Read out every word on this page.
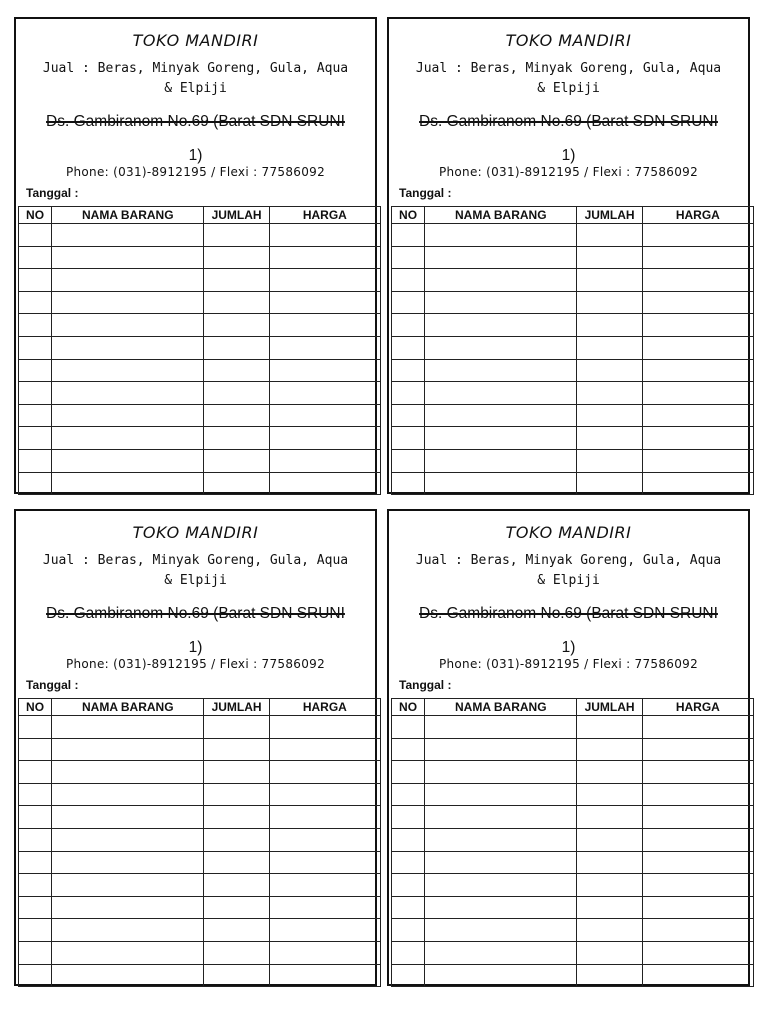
TOKO MANDIRI
Jual : Beras, Minyak Goreng, Gula, Aqua & Elpiji
Ds. Gambiranom No.69 (Barat SDN SRUNI
1)
Phone: (031)-8912195 / Flexi : 77586092
Tanggal :
NO	NAMA BARANG	JUMLAH	HARGA

TOKO MANDIRI
Jual : Beras, Minyak Goreng, Gula, Aqua & Elpiji
Ds. Gambiranom No.69 (Barat SDN SRUNI
1)
Phone: (031)-8912195 / Flexi : 77586092
Tanggal :
NO	NAMA BARANG	JUMLAH	HARGA

TOKO MANDIRI
Jual : Beras, Minyak Goreng, Gula, Aqua & Elpiji
Ds. Gambiranom No.69 (Barat SDN SRUNI
1)
Phone: (031)-8912195 / Flexi : 77586092
Tanggal :
NO	NAMA BARANG	JUMLAH	HARGA

TOKO MANDIRI
Jual : Beras, Minyak Goreng, Gula, Aqua & Elpiji
Ds. Gambiranom No.69 (Barat SDN SRUNI
1)
Phone: (031)-8912195 / Flexi : 77586092
Tanggal :
NO	NAMA BARANG	JUMLAH	HARGA
